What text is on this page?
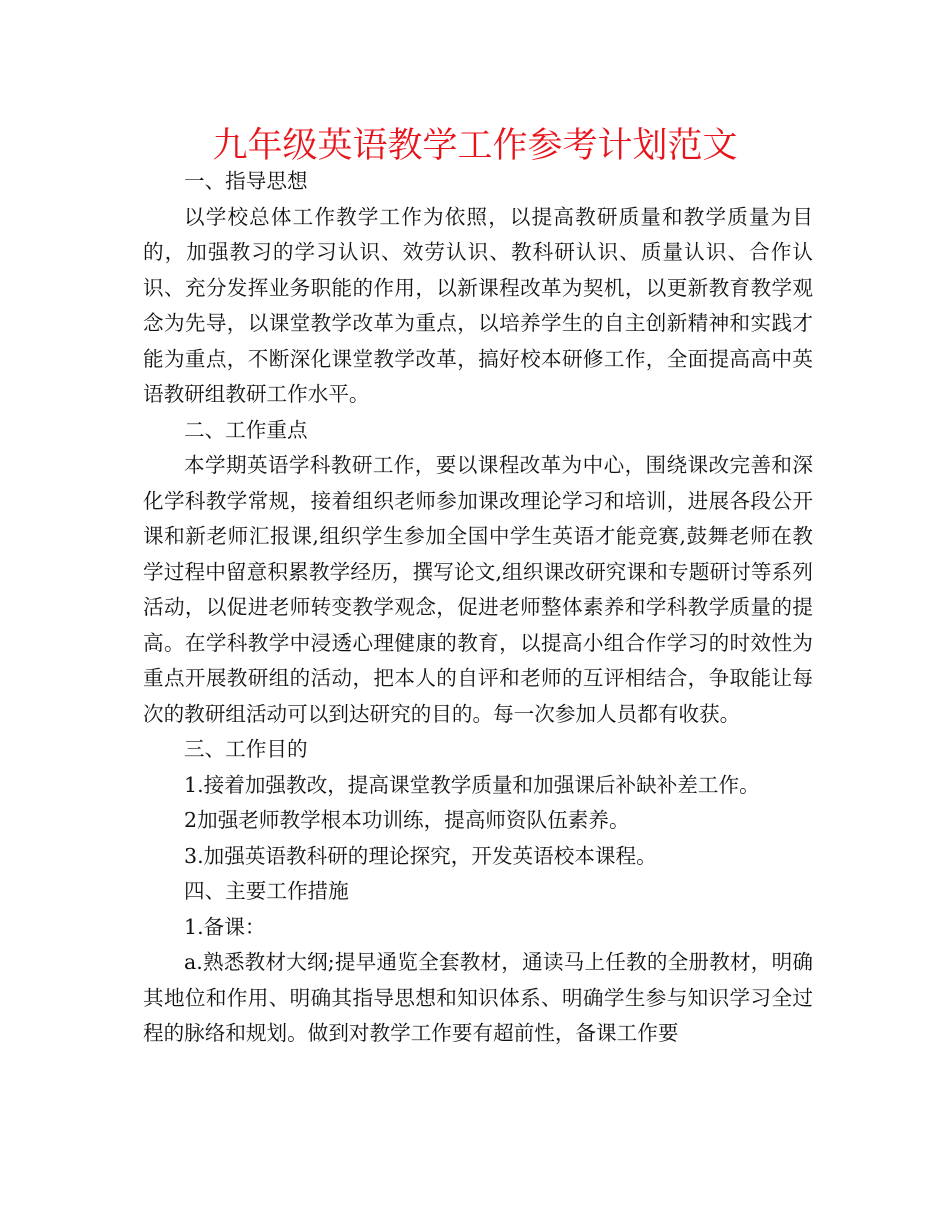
九年级英语教学工作参考计划范文

一、指导思想

以学校总体工作教学工作为依照，以提高教研质量和教学质量为目的，加强教习的学习认识、效劳认识、教科研认识、质量认识、合作认识、充分发挥业务职能的作用，以新课程改革为契机，以更新教育教学观念为先导，以课堂教学改革为重点，以培养学生的自主创新精神和实践才能为重点，不断深化课堂教学改革，搞好校本研修工作，全面提高高中英语教研组教研工作水平。

二、工作重点

本学期英语学科教研工作，要以课程改革为中心，围绕课改完善和深化学科教学常规，接着组织老师参加课改理论学习和培训，进展各段公开课和新老师汇报课,组织学生参加全国中学生英语才能竞赛,鼓舞老师在教学过程中留意积累教学经历，撰写论文,组织课改研究课和专题研讨等系列活动，以促进老师转变教学观念，促进老师整体素养和学科教学质量的提高。在学科教学中浸透心理健康的教育，以提高小组合作学习的时效性为重点开展教研组的活动，把本人的自评和老师的互评相结合，争取能让每次的教研组活动可以到达研究的目的。每一次参加人员都有收获。

三、工作目的

1.接着加强教改，提高课堂教学质量和加强课后补缺补差工作。

2加强老师教学根本功训练，提高师资队伍素养。

3.加强英语教科研的理论探究，开发英语校本课程。

四、主要工作措施

1.备课：

a.熟悉教材大纲;提早通览全套教材，通读马上任教的全册教材，明确其地位和作用、明确其指导思想和知识体系、明确学生参与知识学习全过程的脉络和规划。做到对教学工作要有超前性，备课工作要
